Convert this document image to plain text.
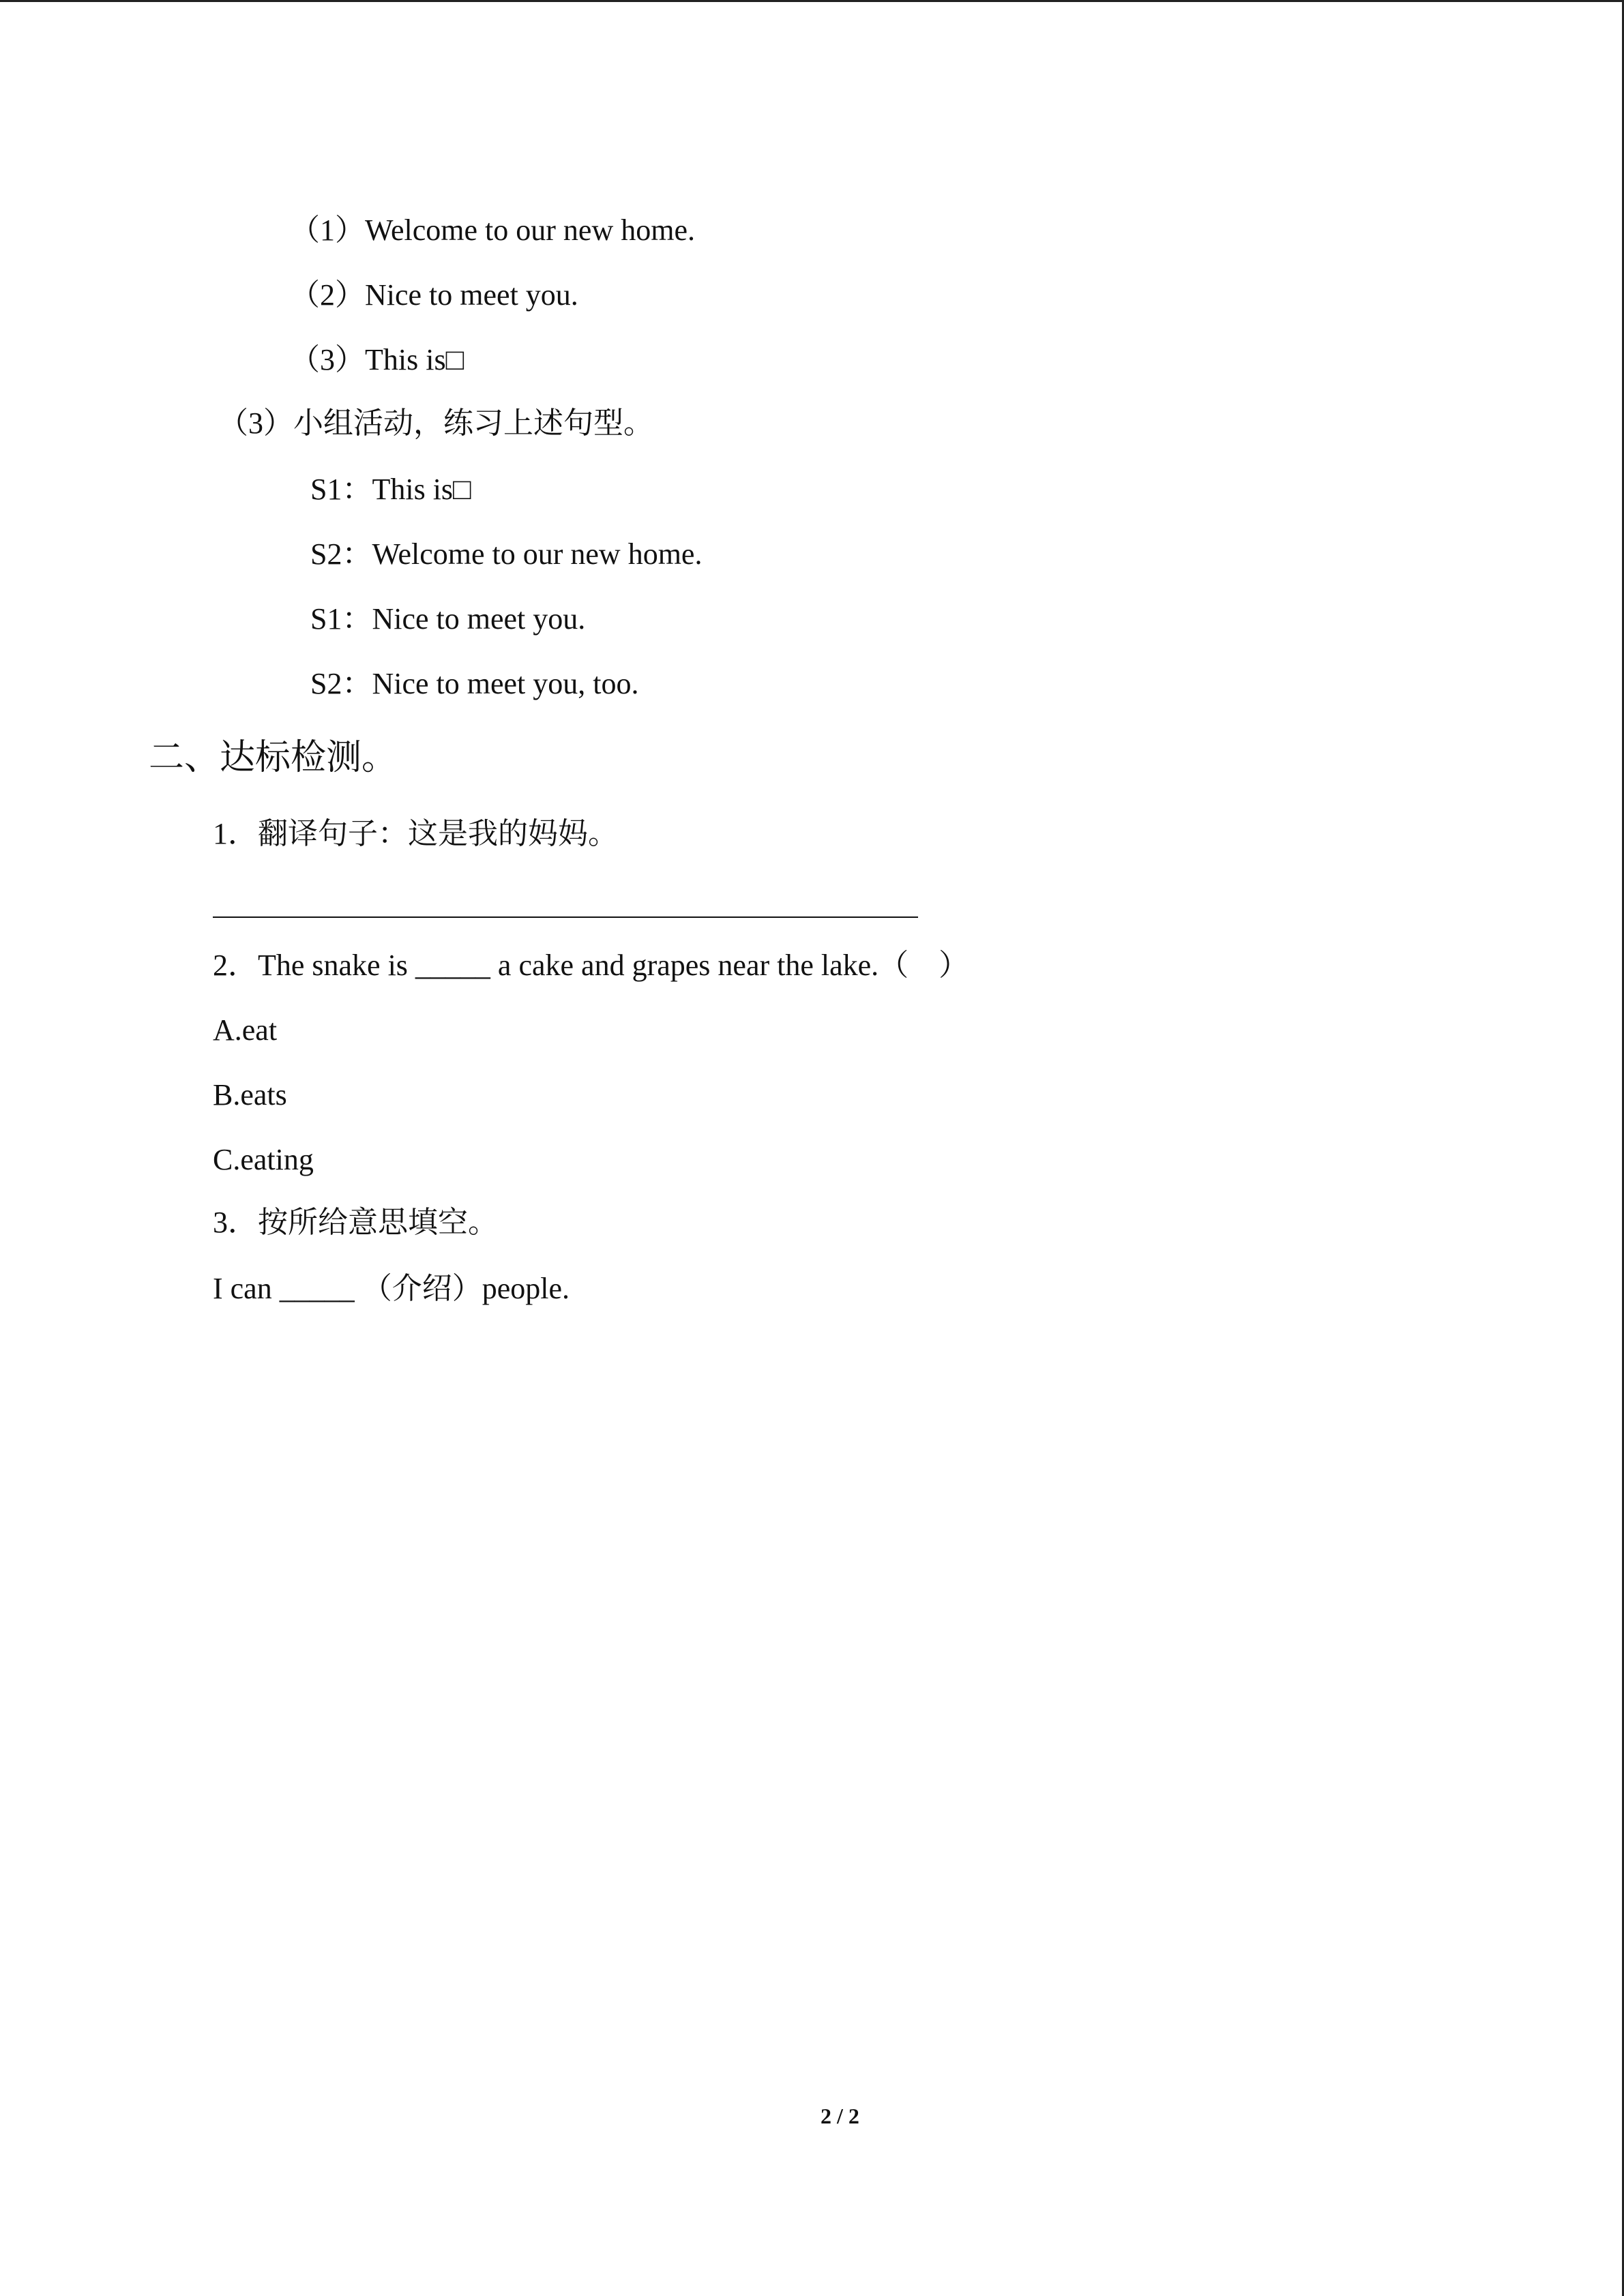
（1）Welcome to our new home.
（2）Nice to meet you.
（3）This is□
（3）小组活动，练习上述句型。
S1：This is□
S2：Welcome to our new home.
S1：Nice to meet you.
S2：Nice to meet you, too.
二、达标检测。
1．翻译句子：这是我的妈妈。
2．The snake is _____ a cake and grapes near the lake.（　）
A.eat
B.eats
C.eating
3．按所给意思填空。
I can _____ （介绍）people.
2 / 2
